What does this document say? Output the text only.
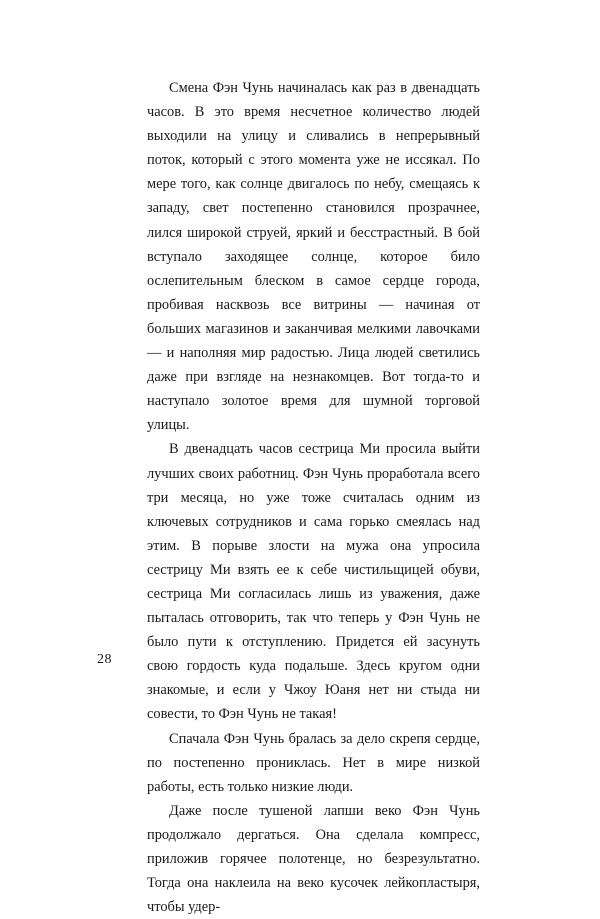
Смена Фэн Чунь начиналась как раз в двенадцать часов. В это время несчетное количество людей выходили на улицу и сливались в непрерывный поток, который с этого момента уже не иссякал. По мере того, как солнце двигалось по небу, смещаясь к западу, свет постепенно становился прозрачнее, лился широкой струей, яркий и бесстрастный. В бой вступало заходящее солнце, которое било ослепительным блеском в самое сердце города, пробивая насквозь все витрины — начиная от больших магазинов и заканчивая мелкими лавочками — и наполняя мир радостью. Лица людей светились даже при взгляде на незнакомцев. Вот тогда-то и наступало золотое время для шумной торговой улицы.

В двенадцать часов сестрица Ми просила выйти лучших своих работниц. Фэн Чунь проработала всего три месяца, но уже тоже считалась одним из ключевых сотрудников и сама горько смеялась над этим. В порыве злости на мужа она упросила сестрицу Ми взять ее к себе чистильщицей обуви, сестрица Ми согласилась лишь из уважения, даже пыталась отговорить, так что теперь у Фэн Чунь не было пути к отступлению. Придется ей засунуть свою гордость куда подальше. Здесь кругом одни знакомые, и если у Чжоу Юаня нет ни стыда ни совести, то Фэн Чунь не такая!

Спачала Фэн Чунь бралась за дело скрепя сердце, по постепенно прониклась. Нет в мире низкой работы, есть только низкие люди.

Даже после тушеной лапши веко Фэн Чунь продолжало дергаться. Она сделала компресс, приложив горячее полотенце, но безрезультатно. Тогда она наклеила на веко кусочек лейкопластыря, чтобы удер-

28
